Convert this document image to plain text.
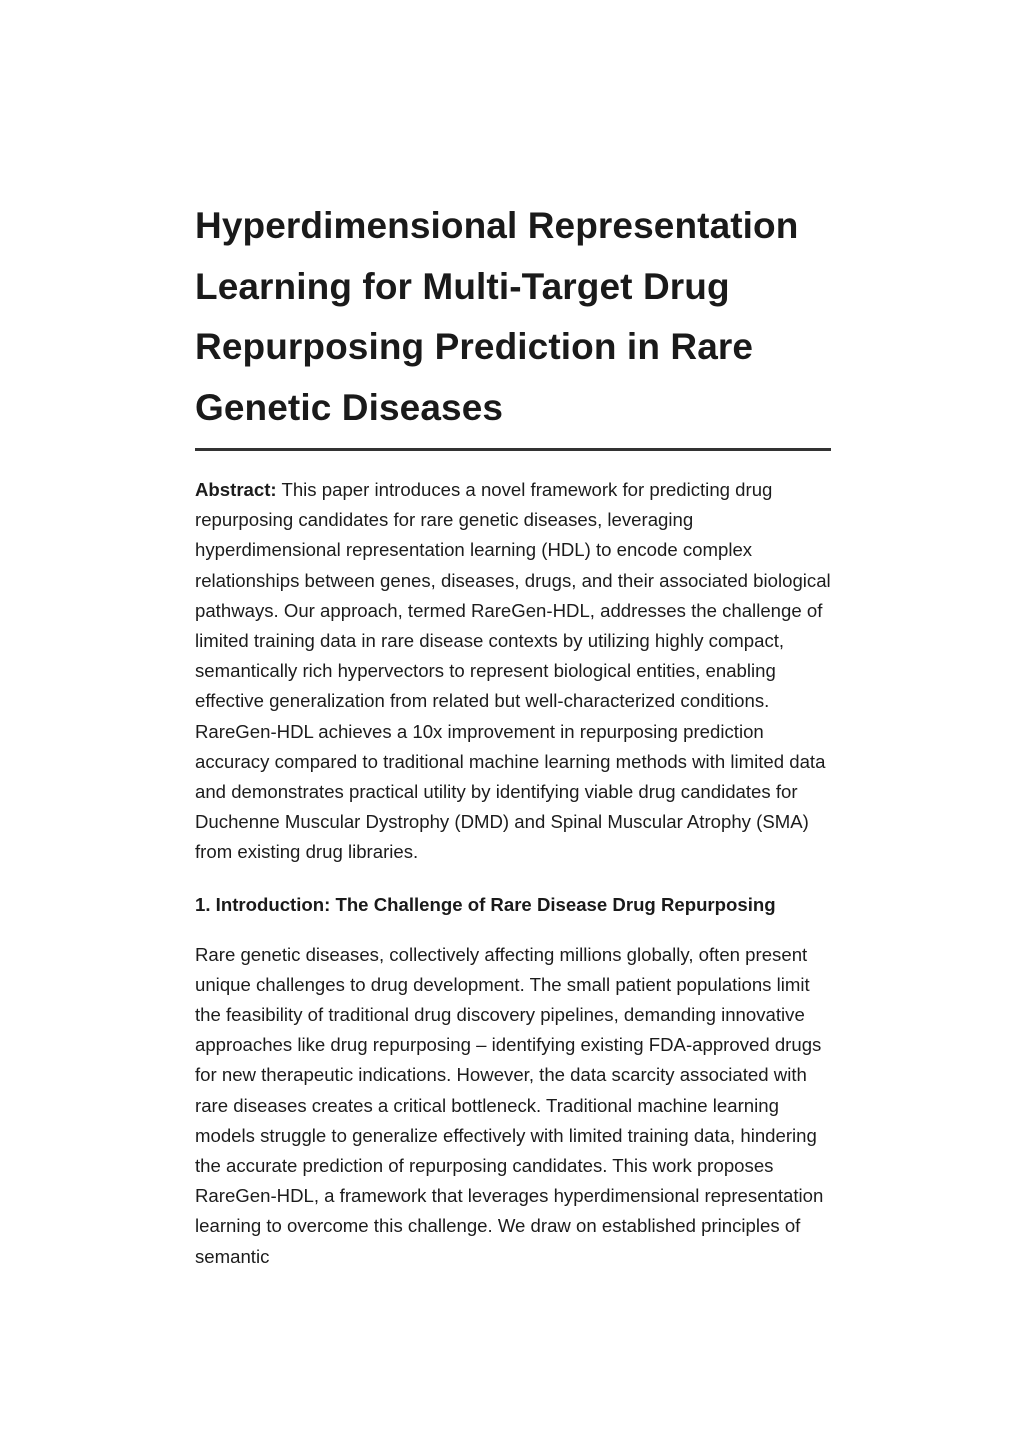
Hyperdimensional Representation Learning for Multi-Target Drug Repurposing Prediction in Rare Genetic Diseases

Abstract: This paper introduces a novel framework for predicting drug repurposing candidates for rare genetic diseases, leveraging hyperdimensional representation learning (HDL) to encode complex relationships between genes, diseases, drugs, and their associated biological pathways. Our approach, termed RareGen-HDL, addresses the challenge of limited training data in rare disease contexts by utilizing highly compact, semantically rich hypervectors to represent biological entities, enabling effective generalization from related but well-characterized conditions. RareGen-HDL achieves a 10x improvement in repurposing prediction accuracy compared to traditional machine learning methods with limited data and demonstrates practical utility by identifying viable drug candidates for Duchenne Muscular Dystrophy (DMD) and Spinal Muscular Atrophy (SMA) from existing drug libraries.

1. Introduction: The Challenge of Rare Disease Drug Repurposing

Rare genetic diseases, collectively affecting millions globally, often present unique challenges to drug development. The small patient populations limit the feasibility of traditional drug discovery pipelines, demanding innovative approaches like drug repurposing – identifying existing FDA-approved drugs for new therapeutic indications. However, the data scarcity associated with rare diseases creates a critical bottleneck. Traditional machine learning models struggle to generalize effectively with limited training data, hindering the accurate prediction of repurposing candidates. This work proposes RareGen-HDL, a framework that leverages hyperdimensional representation learning to overcome this challenge. We draw on established principles of semantic
